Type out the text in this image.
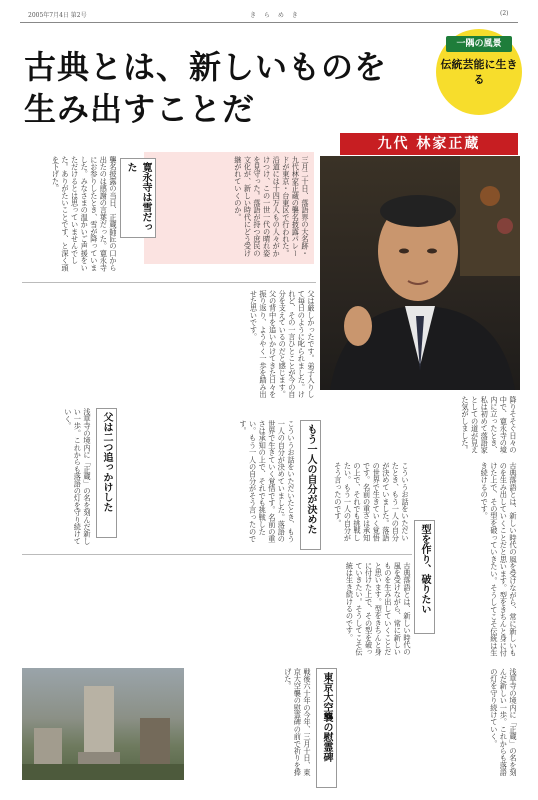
2005年7月4日 第2号	き ら め き	(2)
古典とは、新しいものを
生み出すことだ
一隅の風景
伝統芸能に生きる
九代 林家正蔵
三月二十日、落語界の大名跡・九代林家正蔵の襲名披露パレードが東京・台東区で行われた。沿道には十四万人もの人々がかけつけ、この一世一代の晴れ姿を見守った。落語が持つ庶民の文化が、新しい時代にどう受け継がれていくのか。
寛永寺は雪だった
襲名披露の当日、正蔵師匠の口から出たのは感謝の言葉だった。寛永寺にお参りしたとき、雪が降っていました。みなさまの温かいご声援をいただけるとは思っていませんでした。ありがたいことです、と深く頭を下げた。
父は二つ追っかけした
父は厳しかったです。弟子入りして毎日のように叱られました。けれど、その一言ひとことが今の自分を支えているのだと感じます。父の背中を追いかけてきた日々を振り返り、ようやく一歩を踏み出せた思いです。
浅草寺の境内に「正蔵」の名を刻んだ新しい一歩。これからも落語の灯を守り続けていく。	降りそそぐ日々の中で、寛永寺の境内に立ったとき、私は初めて落語家としての道が見えた気がしました。
もう一人の自分が決めた
こういうお話をいただいたとき、もう一人の自分が決めていました。落語の世界で生きていく覚悟です。名前の重さは承知の上で、それでも挑戦したい。もう一人の自分がそう言ったのです。
こういうお話をいただいたとき、もう一人の自分が決めていました。落語の世界で生きていく覚悟です。名前の重さは承知の上で、それでも挑戦したい。もう一人の自分がそう言ったのです。
型を作り、破りたい	古典落語とは、新しい時代の風を受けながら、常に新しいものを生み出していくことだと思います。型をきちんと身に付けた上で、その型を破っていきたい。そうしてこそ伝統は生き続けるのです。
古典落語とは、新しい時代の風を受けながら、常に新しいものを生み出していくことだと思います。型をきちんと身に付けた上で、その型を破っていきたい。そうしてこそ伝統は生き続けるのです。
東京大空襲の慰霊碑
戦後六十年の今年、三月十日、東京大空襲の慰霊碑の前で祈りを捧げた。	浅草寺の境内に「正蔵」の名を刻んだ新しい一歩。これからも落語の灯を守り続けていく。
